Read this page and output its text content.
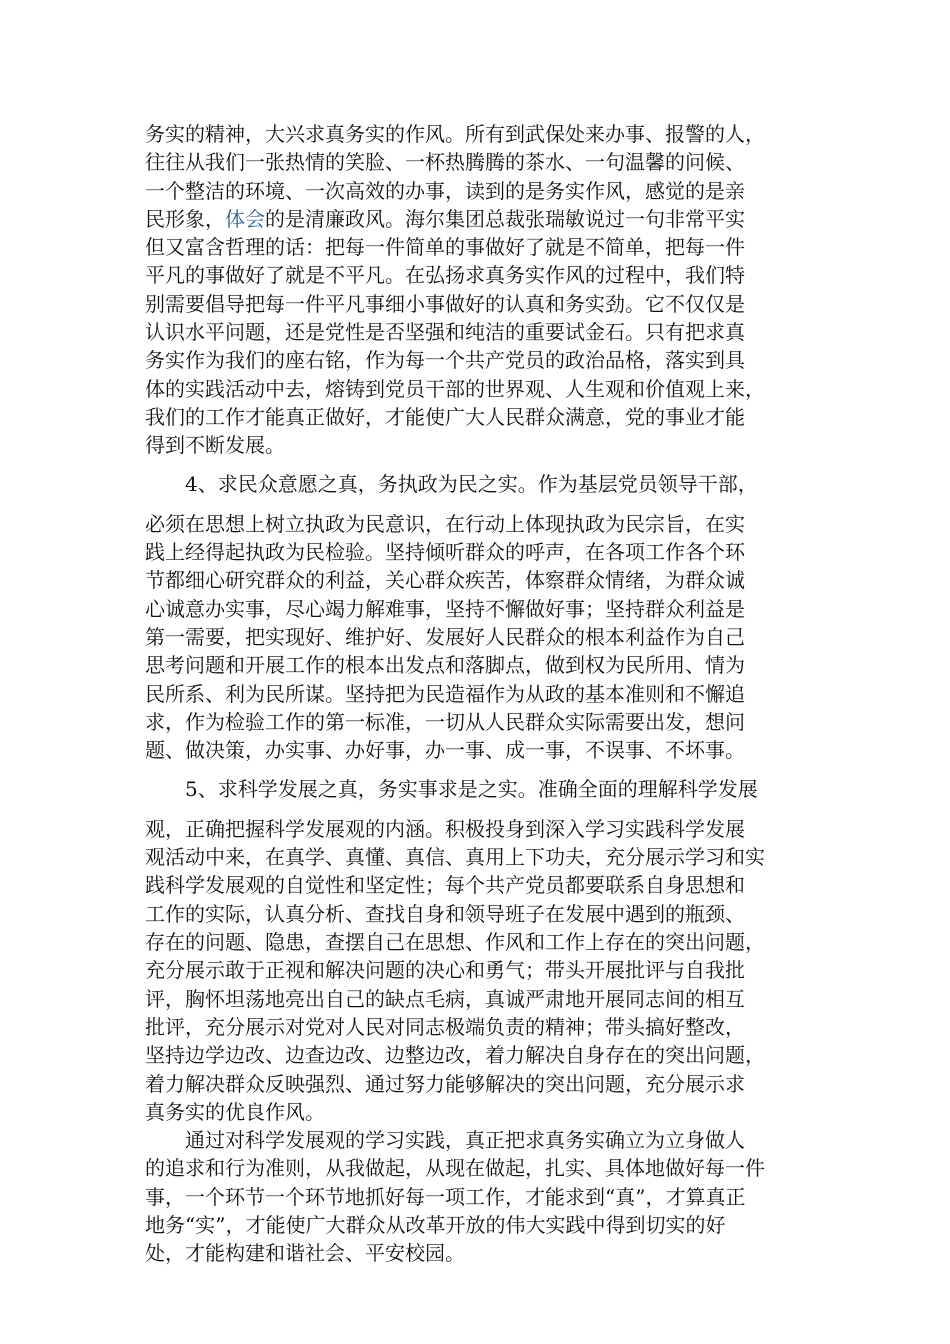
务实的精神，大兴求真务实的作风。所有到武保处来办事、报警的人，
往往从我们一张热情的笑脸、一杯热腾腾的茶水、一句温馨的问候、
一个整洁的环境、一次高效的办事，读到的是务实作风，感觉的是亲
民形象，体会的是清廉政风。海尔集团总裁张瑞敏说过一句非常平实
但又富含哲理的话：把每一件简单的事做好了就是不简单，把每一件
平凡的事做好了就是不平凡。在弘扬求真务实作风的过程中，我们特
别需要倡导把每一件平凡事细小事做好的认真和务实劲。它不仅仅是
认识水平问题，还是党性是否坚强和纯洁的重要试金石。只有把求真
务实作为我们的座右铭，作为每一个共产党员的政治品格，落实到具
体的实践活动中去，熔铸到党员干部的世界观、人生观和价值观上来，
我们的工作才能真正做好，才能使广大人民群众满意，党的事业才能
得到不断发展。
4、求民众意愿之真，务执政为民之实。作为基层党员领导干部，
必须在思想上树立执政为民意识，在行动上体现执政为民宗旨，在实
践上经得起执政为民检验。坚持倾听群众的呼声，在各项工作各个环
节都细心研究群众的利益，关心群众疾苦，体察群众情绪，为群众诚
心诚意办实事，尽心竭力解难事，坚持不懈做好事；坚持群众利益是
第一需要，把实现好、维护好、发展好人民群众的根本利益作为自己
思考问题和开展工作的根本出发点和落脚点，做到权为民所用、情为
民所系、利为民所谋。坚持把为民造福作为从政的基本准则和不懈追
求，作为检验工作的第一标准，一切从人民群众实际需要出发，想问
题、做决策，办实事、办好事，办一事、成一事，不误事、不坏事。
5、求科学发展之真，务实事求是之实。准确全面的理解科学发展
观，正确把握科学发展观的内涵。积极投身到深入学习实践科学发展
观活动中来，在真学、真懂、真信、真用上下功夫，充分展示学习和实
践科学发展观的自觉性和坚定性；每个共产党员都要联系自身思想和
工作的实际，认真分析、查找自身和领导班子在发展中遇到的瓶颈、
存在的问题、隐患，查摆自己在思想、作风和工作上存在的突出问题，
充分展示敢于正视和解决问题的决心和勇气；带头开展批评与自我批
评，胸怀坦荡地亮出自己的缺点毛病，真诚严肃地开展同志间的相互
批评，充分展示对党对人民对同志极端负责的精神；带头搞好整改，
坚持边学边改、边查边改、边整边改，着力解决自身存在的突出问题，
着力解决群众反映强烈、通过努力能够解决的突出问题，充分展示求
真务实的优良作风。
通过对科学发展观的学习实践，真正把求真务实确立为立身做人
的追求和行为准则，从我做起，从现在做起，扎实、具体地做好每一件
事，一个环节一个环节地抓好每一项工作，才能求到“真”，才算真正
地务“实”，才能使广大群众从改革开放的伟大实践中得到切实的好
处，才能构建和谐社会、平安校园。
